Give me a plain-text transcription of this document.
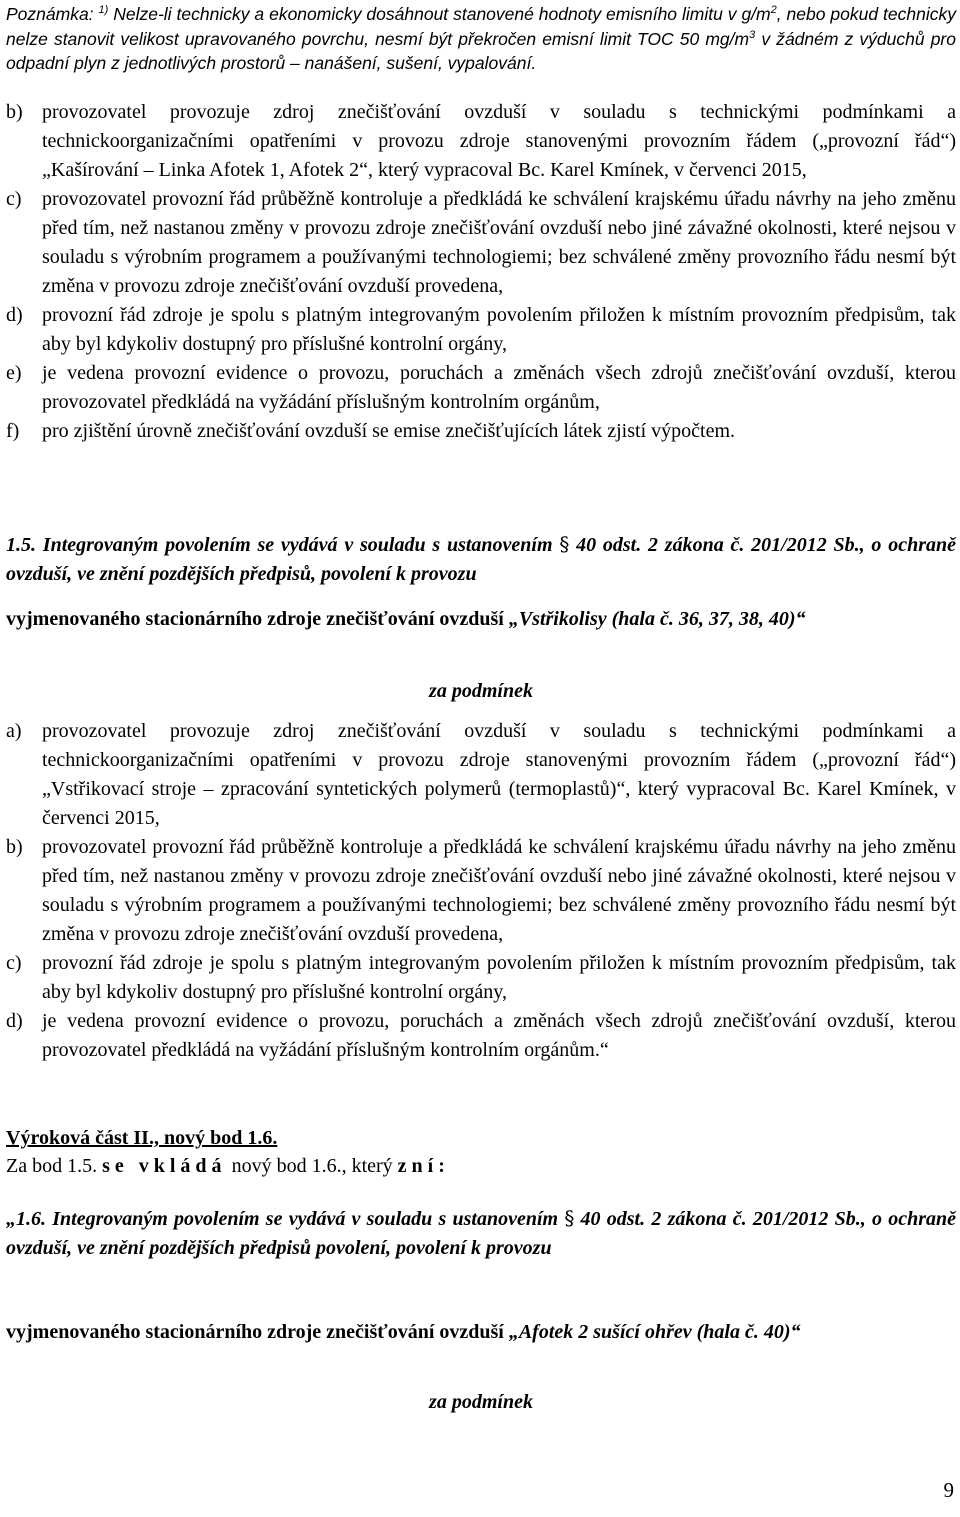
Poznámka: $^{1)}$ Nelze-li technicky a ekonomicky dosáhnout stanovené hodnoty emisního limitu v $g/m^2$, nebo pokud technicky nelze stanovit velikost upravovaného povrchu, nesmí být překročen emisní limit TOC 50 $mg/m^3$ v žádném z výduchů pro odpadní plyn z jednotlivých prostorů – nanášení, sušení, vypalování.
b) provozovatel provozuje zdroj znečišťování ovzduší v souladu s technickými podmínkami a technickoorganizačními opatřeními v provozu zdroje stanovenými provozním řádem („provozní řád“) „Kašírování – Linka Afotek 1, Afotek 2“, který vypracoval Bc. Karel Kmínek, v červenci 2015,
c) provozovatel provozní řád průběžně kontroluje a předkládá ke schválení krajskému úřadu návrhy na jeho změnu před tím, než nastanou změny v provozu zdroje znečišťování ovzduší nebo jiné závažné okolnosti, které nejsou v souladu s výrobním programem a používanými technologiemi; bez schválené změny provozního řádu nesmí být změna v provozu zdroje znečišťování ovzduší provedena,
d) provozní řád zdroje je spolu s platným integrovaným povolením přiložen k místním provozním předpisům, tak aby byl kdykoliv dostupný pro příslušné kontrolní orgány,
e) je vedena provozní evidence o provozu, poruchách a změnách všech zdrojů znečišťování ovzduší, kterou provozovatel předkládá na vyžádání příslušným kontrolním orgánům,
f) pro zjištění úrovně znečišťování ovzduší se emise znečišťujících látek zjistí výpočtem.
1.5. Integrovaným povolením se vydává v souladu s ustanovením § 40 odst. 2 zákona č. 201/2012 Sb., o ochraně ovzduší, ve znění pozdějších předpisů, povolení k provozu
vyjmenovaného stacionárního zdroje znečišťování ovzduší „Vstřikolisy (hala č. 36, 37, 38, 40)“
za podmínek
a) provozovatel provozuje zdroj znečišťování ovzduší v souladu s technickými podmínkami a technickoorganizačními opatřeními v provozu zdroje stanovenými provozním řádem („provozní řád“) „Vstřikovací stroje – zpracování syntetických polymerů (termoplastů)“, který vypracoval Bc. Karel Kmínek, v červenci 2015,
b) provozovatel provozní řád průběžně kontroluje a předkládá ke schválení krajskému úřadu návrhy na jeho změnu před tím, než nastanou změny v provozu zdroje znečišťování ovzduší nebo jiné závažné okolnosti, které nejsou v souladu s výrobním programem a používanými technologiemi; bez schválené změny provozního řádu nesmí být změna v provozu zdroje znečišťování ovzduší provedena,
c) provozní řád zdroje je spolu s platným integrovaným povolením přiložen k místním provozním předpisům, tak aby byl kdykoliv dostupný pro příslušné kontrolní orgány,
d) je vedena provozní evidence o provozu, poruchách a změnách všech zdrojů znečišťování ovzduší, kterou provozovatel předkládá na vyžádání příslušným kontrolním orgánům.“
Výroková část II., nový bod 1.6.
Za bod 1.5. se vkládá nový bod 1.6., který zní:
„1.6. Integrovaným povolením se vydává v souladu s ustanovením § 40 odst. 2 zákona č. 201/2012 Sb., o ochraně ovzduší, ve znění pozdějších předpisů povolení, povolení k provozu
vyjmenovaného stacionárního zdroje znečišťování ovzduší „Afotek 2 sušící ohřev (hala č. 40)“
za podmínek
9
